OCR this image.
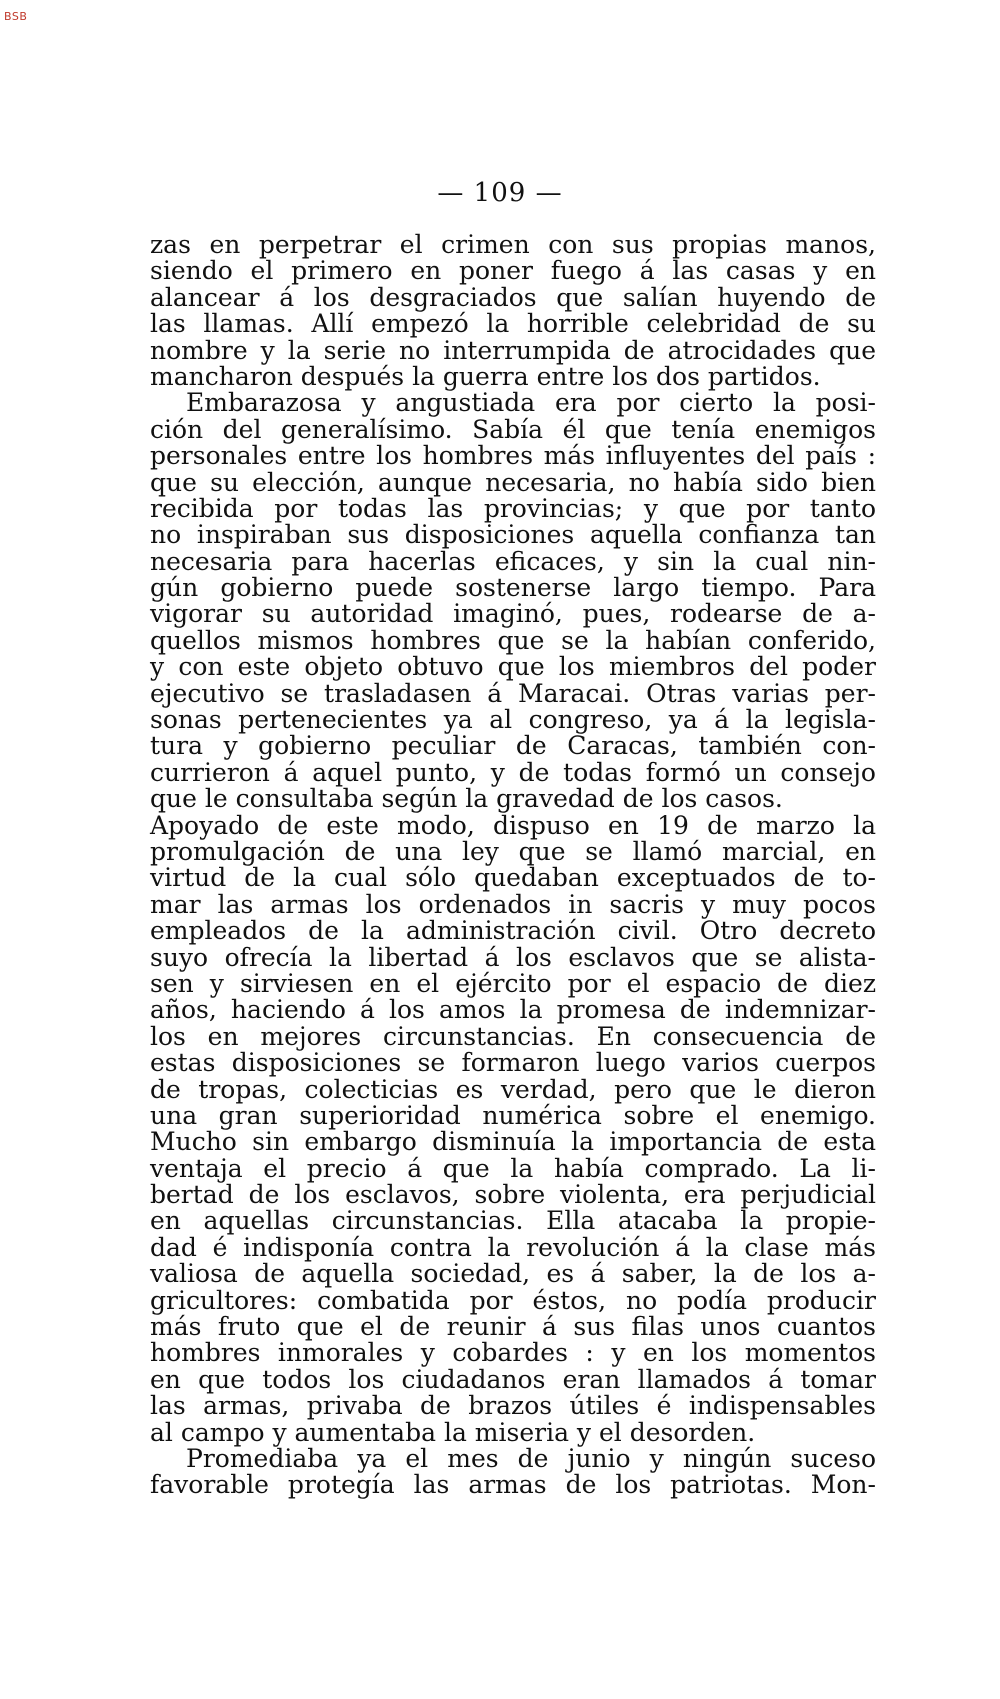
BSB
— 109 —
zas en perpetrar el crimen con sus propias manos,
siendo el primero en poner fuego á las casas y en
alancear á los desgraciados que salían huyendo de
las llamas. Allí empezó la horrible celebridad de su
nombre y la serie no interrumpida de atrocidades que
mancharon después la guerra entre los dos partidos.
Embarazosa y angustiada era por cierto la posi-
ción del generalísimo. Sabía él que tenía enemigos
personales entre los hombres más influyentes del país :
que su elección, aunque necesaria, no había sido bien
recibida por todas las provincias; y que por tanto
no inspiraban sus disposiciones aquella confianza tan
necesaria para hacerlas eficaces, y sin la cual nin-
gún gobierno puede sostenerse largo tiempo. Para
vigorar su autoridad imaginó, pues, rodearse de a-
quellos mismos hombres que se la habían conferido,
y con este objeto obtuvo que los miembros del poder
ejecutivo se trasladasen á Maracai. Otras varias per-
sonas pertenecientes ya al congreso, ya á la legisla-
tura y gobierno peculiar de Caracas, también con-
currieron á aquel punto, y de todas formó un consejo
que le consultaba según la gravedad de los casos.
Apoyado de este modo, dispuso en 19 de marzo la
promulgación de una ley que se llamó marcial, en
virtud de la cual sólo quedaban exceptuados de to-
mar las armas los ordenados in sacris y muy pocos
empleados de la administración civil. Otro decreto
suyo ofrecía la libertad á los esclavos que se alista-
sen y sirviesen en el ejército por el espacio de diez
años, haciendo á los amos la promesa de indemnizar-
los en mejores circunstancias. En consecuencia de
estas disposiciones se formaron luego varios cuerpos
de tropas, colecticias es verdad, pero que le dieron
una gran superioridad numérica sobre el enemigo.
Mucho sin embargo disminuía la importancia de esta
ventaja el precio á que la había comprado. La li-
bertad de los esclavos, sobre violenta, era perjudicial
en aquellas circunstancias. Ella atacaba la propie-
dad é indisponía contra la revolución á la clase más
valiosa de aquella sociedad, es á saber, la de los a-
gricultores: combatida por éstos, no podía producir
más fruto que el de reunir á sus filas unos cuantos
hombres inmorales y cobardes : y en los momentos
en que todos los ciudadanos eran llamados á tomar
las armas, privaba de brazos útiles é indispensables
al campo y aumentaba la miseria y el desorden.
Promediaba ya el mes de junio y ningún suceso
favorable protegía las armas de los patriotas. Mon-
